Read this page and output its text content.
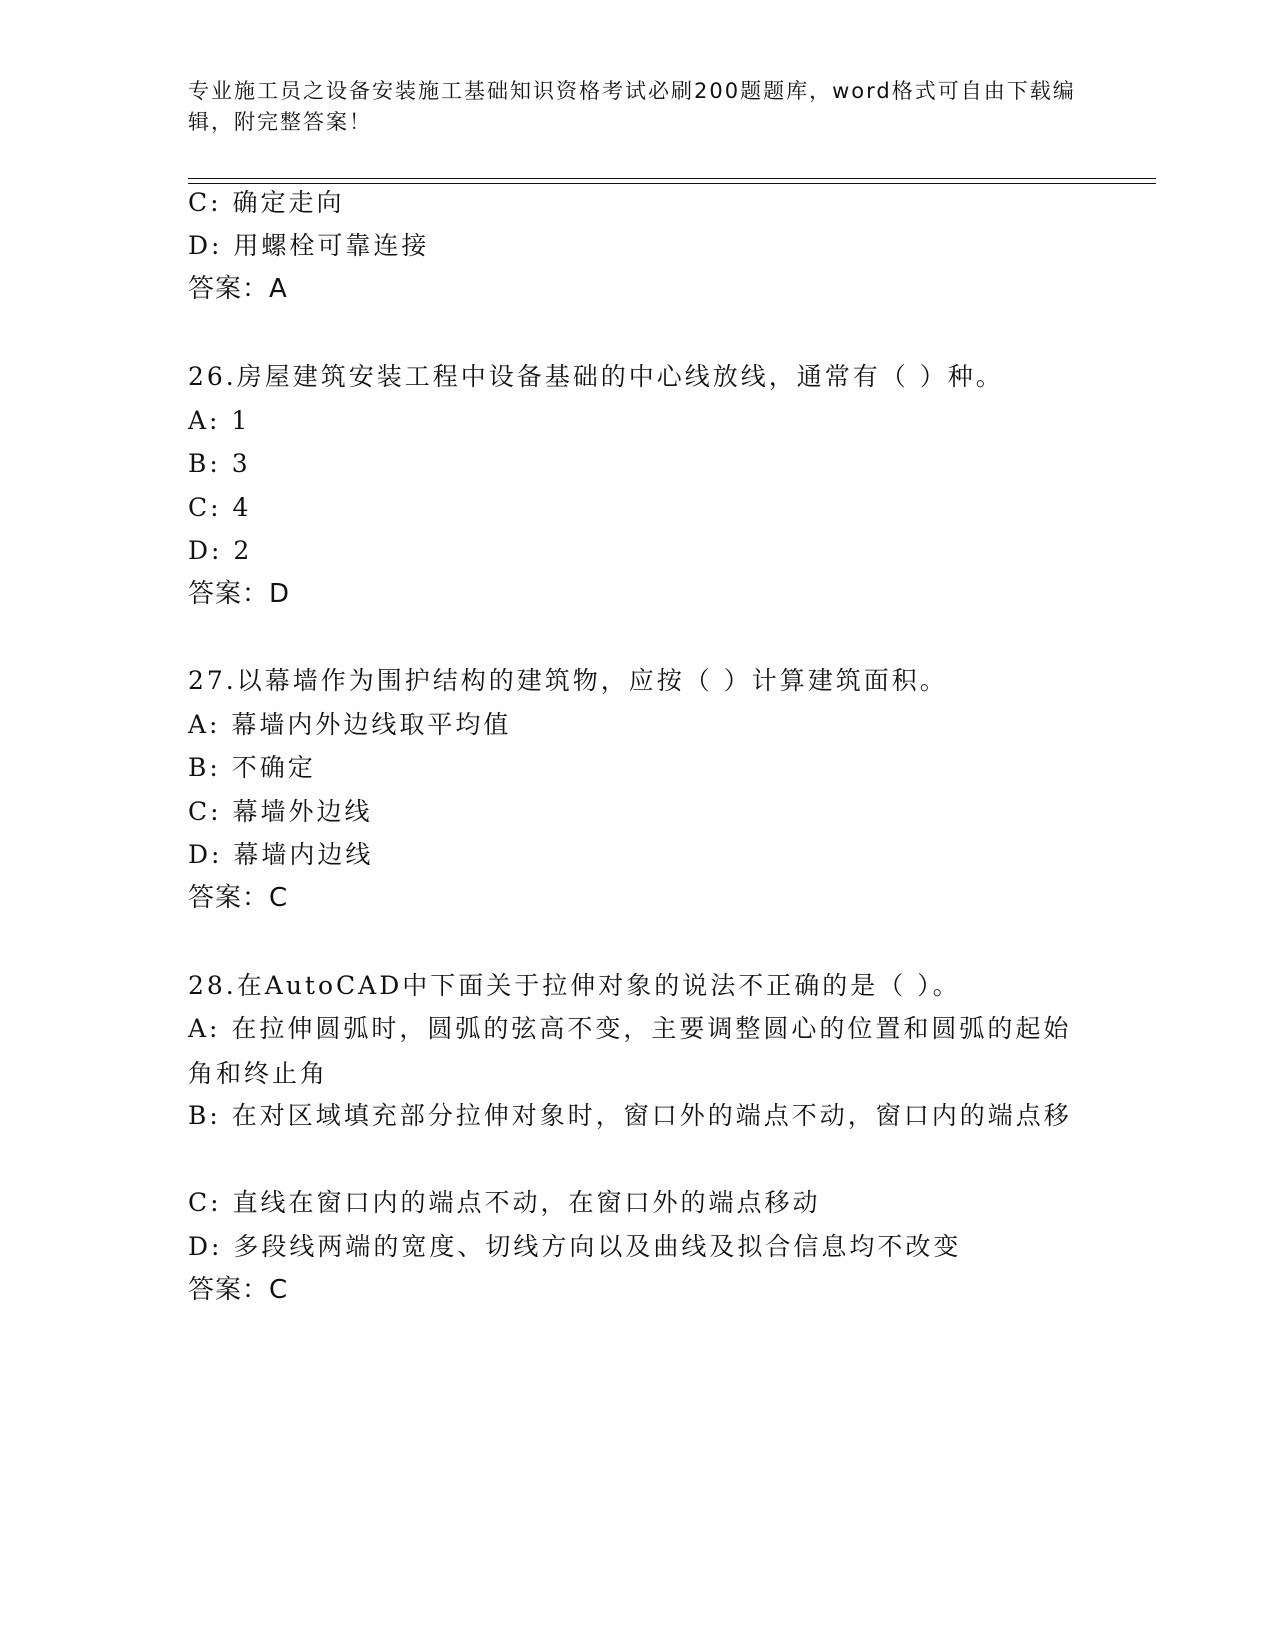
专业施工员之设备安装施工基础知识资格考试必刷200题题库，word格式可自由下载编辑，附完整答案！
C: 确定走向
D: 用螺栓可靠连接
答案：A
26.房屋建筑安装工程中设备基础的中心线放线，通常有（ ）种。
A: 1
B: 3
C: 4
D: 2
答案：D
27.以幕墙作为围护结构的建筑物，应按（ ）计算建筑面积。
A: 幕墙内外边线取平均值
B: 不确定
C: 幕墙外边线
D: 幕墙内边线
答案：C
28.在AutoCAD中下面关于拉伸对象的说法不正确的是（ ）。
A: 在拉伸圆弧时，圆弧的弦高不变，主要调整圆心的位置和圆弧的起始角和终止角
B: 在对区域填充部分拉伸对象时，窗口外的端点不动，窗口内的端点移
C: 直线在窗口内的端点不动，在窗口外的端点移动
D: 多段线两端的宽度、切线方向以及曲线及拟合信息均不改变
答案：C
